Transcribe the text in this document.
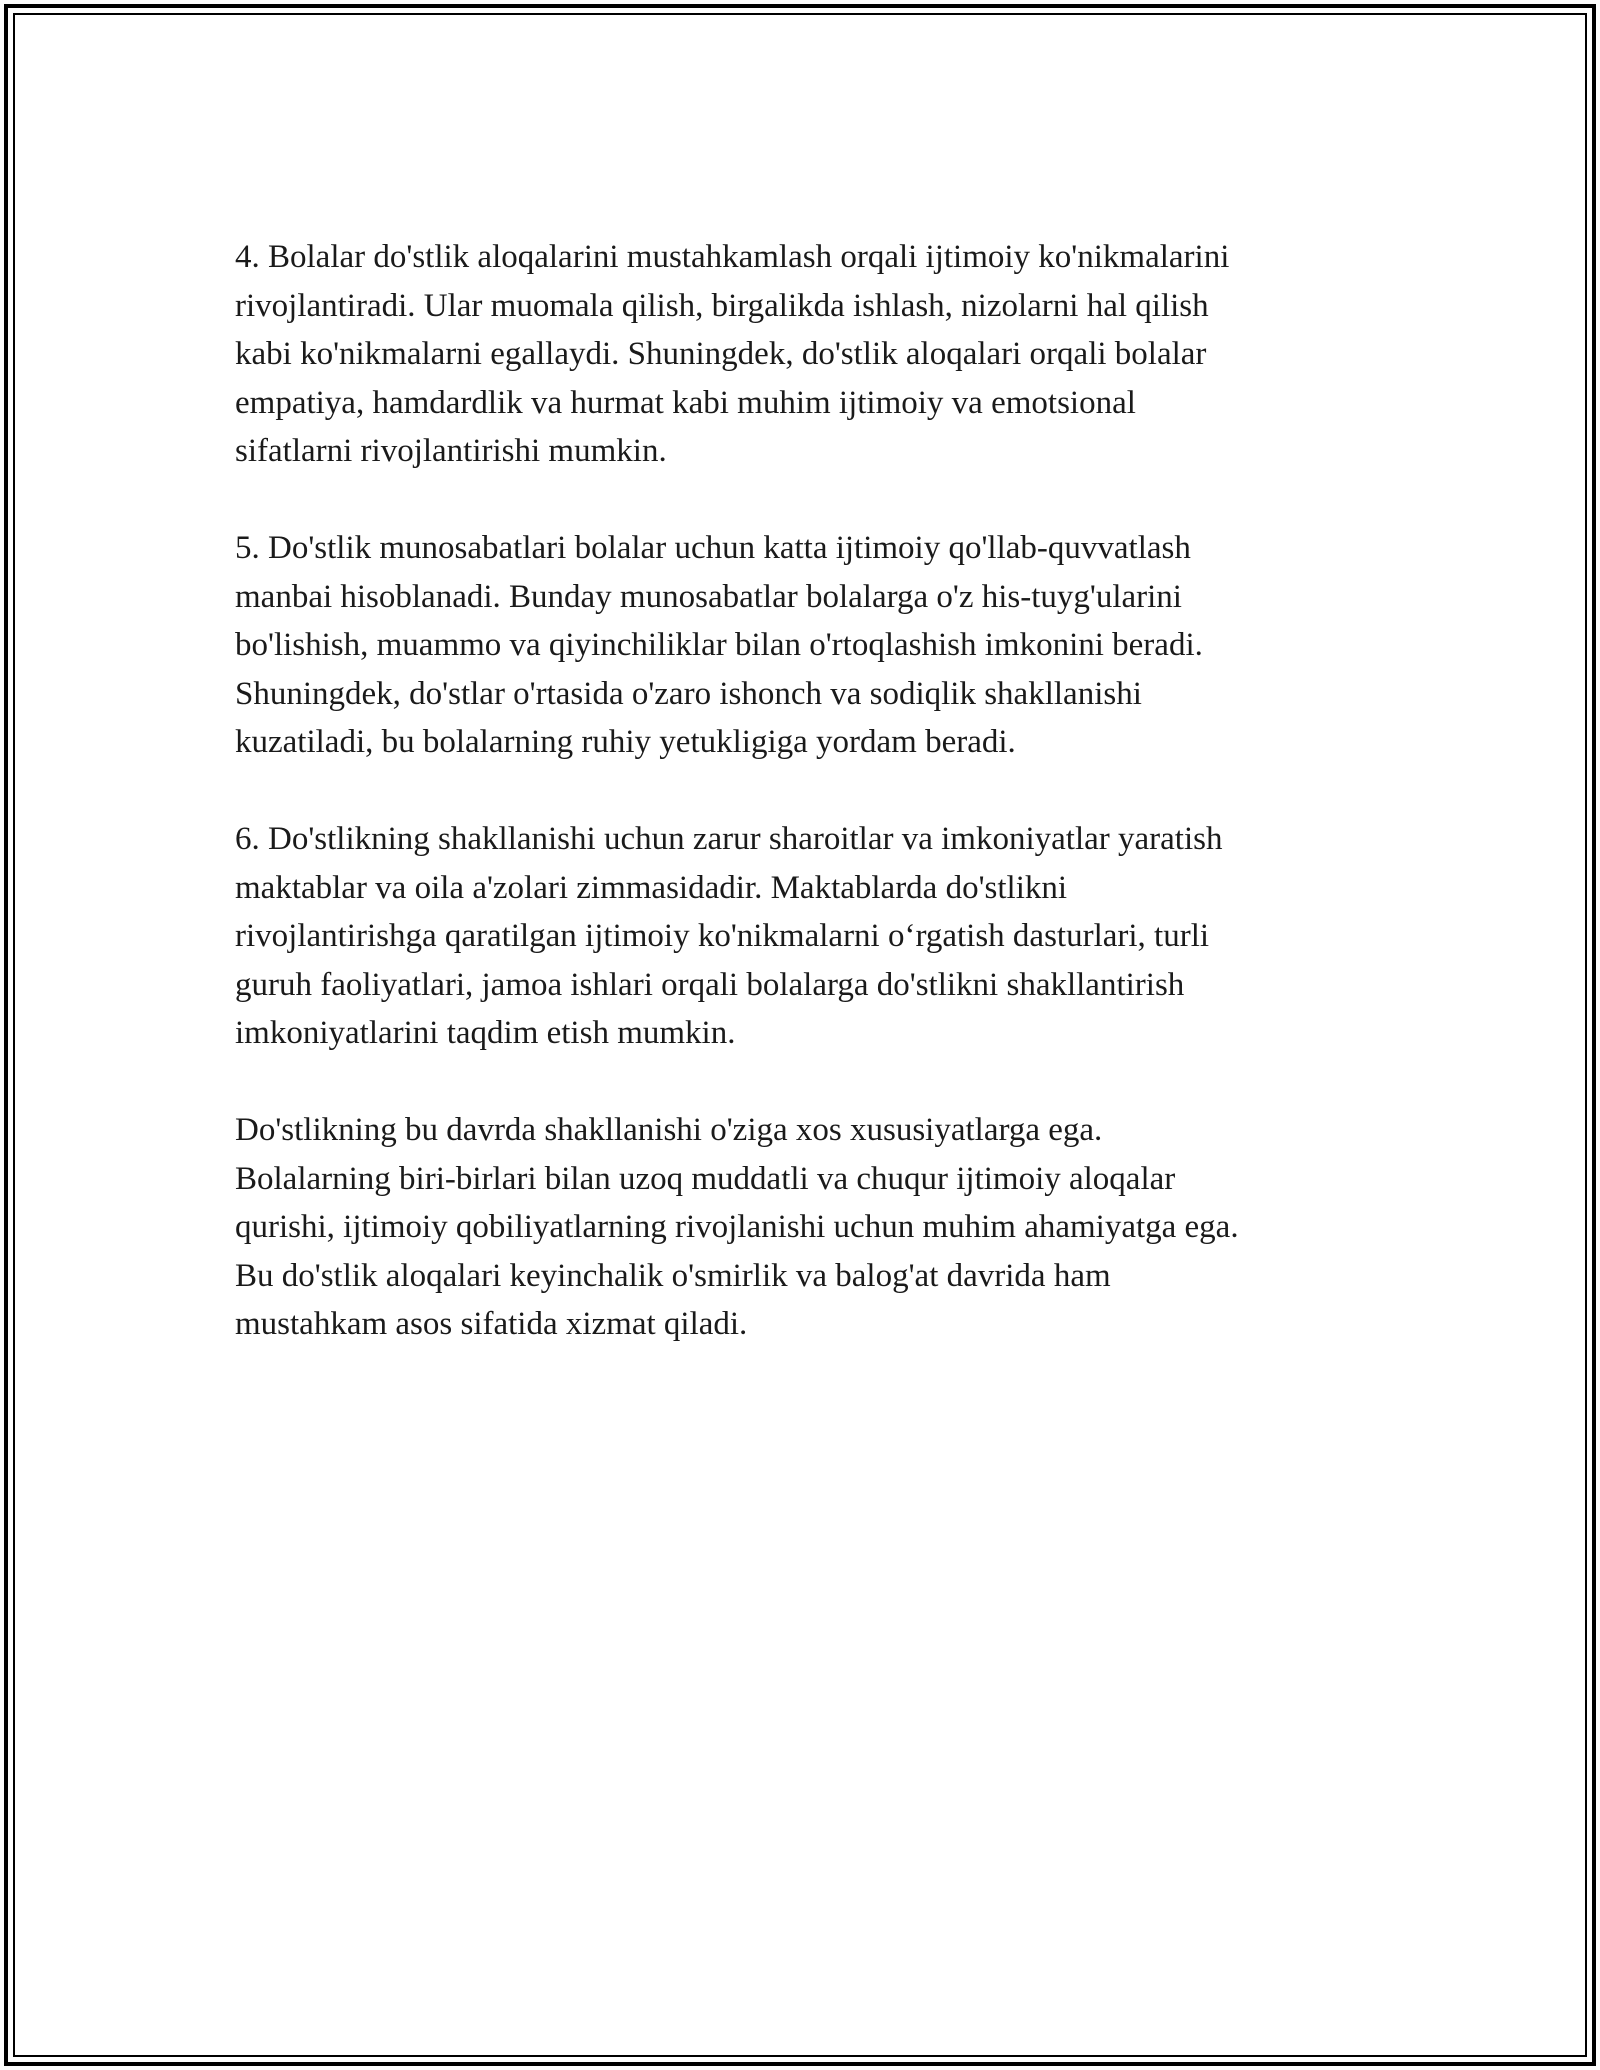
4. Bolalar do'stlik aloqalarini mustahkamlash orqali ijtimoiy ko'nikmalarini
rivojlantiradi. Ular muomala qilish, birgalikda ishlash, nizolarni hal qilish
kabi ko'nikmalarni egallaydi. Shuningdek, do'stlik aloqalari orqali bolalar
empatiya, hamdardlik va hurmat kabi muhim ijtimoiy va emotsional
sifatlarni rivojlantirishi mumkin.

5. Do'stlik munosabatlari bolalar uchun katta ijtimoiy qo'llab-quvvatlash
manbai hisoblanadi. Bunday munosabatlar bolalarga o'z his-tuyg'ularini
bo'lishish, muammo va qiyinchiliklar bilan o'rtoqlashish imkonini beradi.
Shuningdek, do'stlar o'rtasida o'zaro ishonch va sodiqlik shakllanishi
kuzatiladi, bu bolalarning ruhiy yetukligiga yordam beradi.

6. Do'stlikning shakllanishi uchun zarur sharoitlar va imkoniyatlar yaratish
maktablar va oila a'zolari zimmasidadir. Maktablarda do'stlikni
rivojlantirishga qaratilgan ijtimoiy ko'nikmalarni o‘rgatish dasturlari, turli
guruh faoliyatlari, jamoa ishlari orqali bolalarga do'stlikni shakllantirish
imkoniyatlarini taqdim etish mumkin.

Do'stlikning bu davrda shakllanishi o'ziga xos xususiyatlarga ega.
Bolalarning biri-birlari bilan uzoq muddatli va chuqur ijtimoiy aloqalar
qurishi, ijtimoiy qobiliyatlarning rivojlanishi uchun muhim ahamiyatga ega.
Bu do'stlik aloqalari keyinchalik o'smirlik va balog'at davrida ham
mustahkam asos sifatida xizmat qiladi.
